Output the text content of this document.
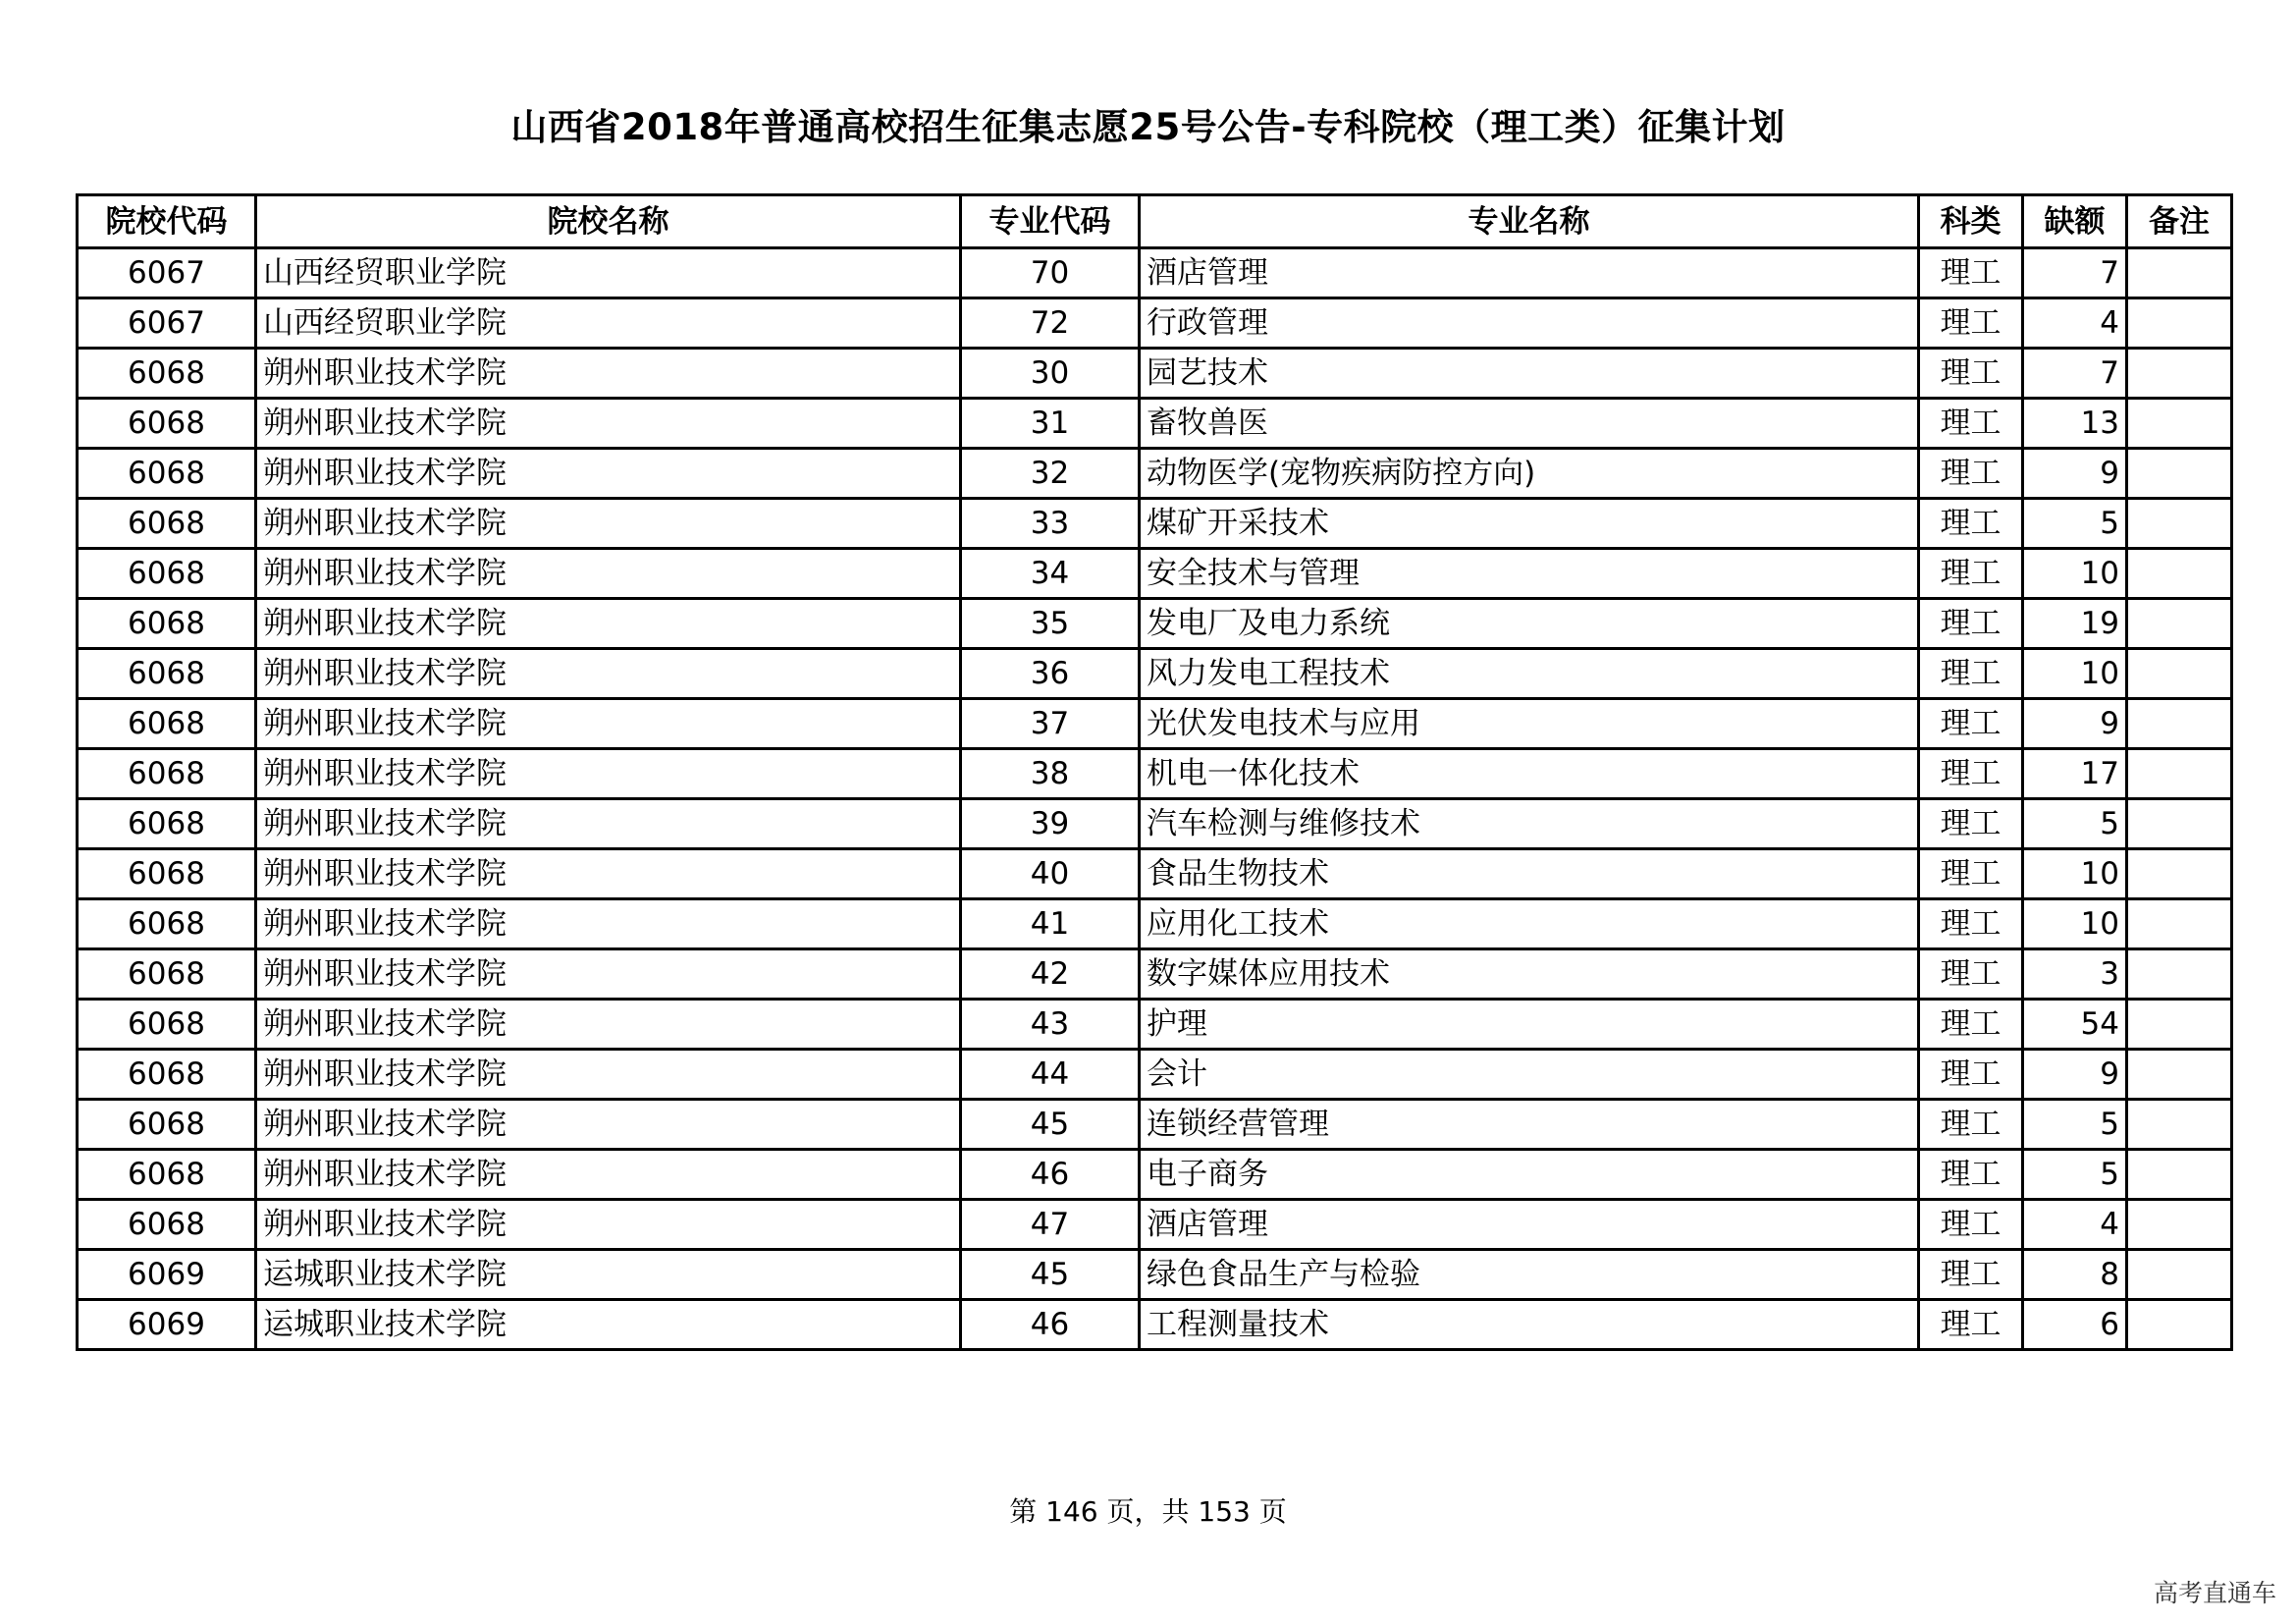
山西省2018年普通高校招生征集志愿25号公告-专科院校（理工类）征集计划
院校代码	院校名称	专业代码	专业名称	科类	缺额	备注
6067	山西经贸职业学院	70	酒店管理	理工	7	
6067	山西经贸职业学院	72	行政管理	理工	4	
6068	朔州职业技术学院	30	园艺技术	理工	7	
6068	朔州职业技术学院	31	畜牧兽医	理工	13	
6068	朔州职业技术学院	32	动物医学(宠物疾病防控方向)	理工	9	
6068	朔州职业技术学院	33	煤矿开采技术	理工	5	
6068	朔州职业技术学院	34	安全技术与管理	理工	10	
6068	朔州职业技术学院	35	发电厂及电力系统	理工	19	
6068	朔州职业技术学院	36	风力发电工程技术	理工	10	
6068	朔州职业技术学院	37	光伏发电技术与应用	理工	9	
6068	朔州职业技术学院	38	机电一体化技术	理工	17	
6068	朔州职业技术学院	39	汽车检测与维修技术	理工	5	
6068	朔州职业技术学院	40	食品生物技术	理工	10	
6068	朔州职业技术学院	41	应用化工技术	理工	10	
6068	朔州职业技术学院	42	数字媒体应用技术	理工	3	
6068	朔州职业技术学院	43	护理	理工	54	
6068	朔州职业技术学院	44	会计	理工	9	
6068	朔州职业技术学院	45	连锁经营管理	理工	5	
6068	朔州职业技术学院	46	电子商务	理工	5	
6068	朔州职业技术学院	47	酒店管理	理工	4	
6069	运城职业技术学院	45	绿色食品生产与检验	理工	8	
6069	运城职业技术学院	46	工程测量技术	理工	6	
第 146 页，共 153 页
高考直通车
